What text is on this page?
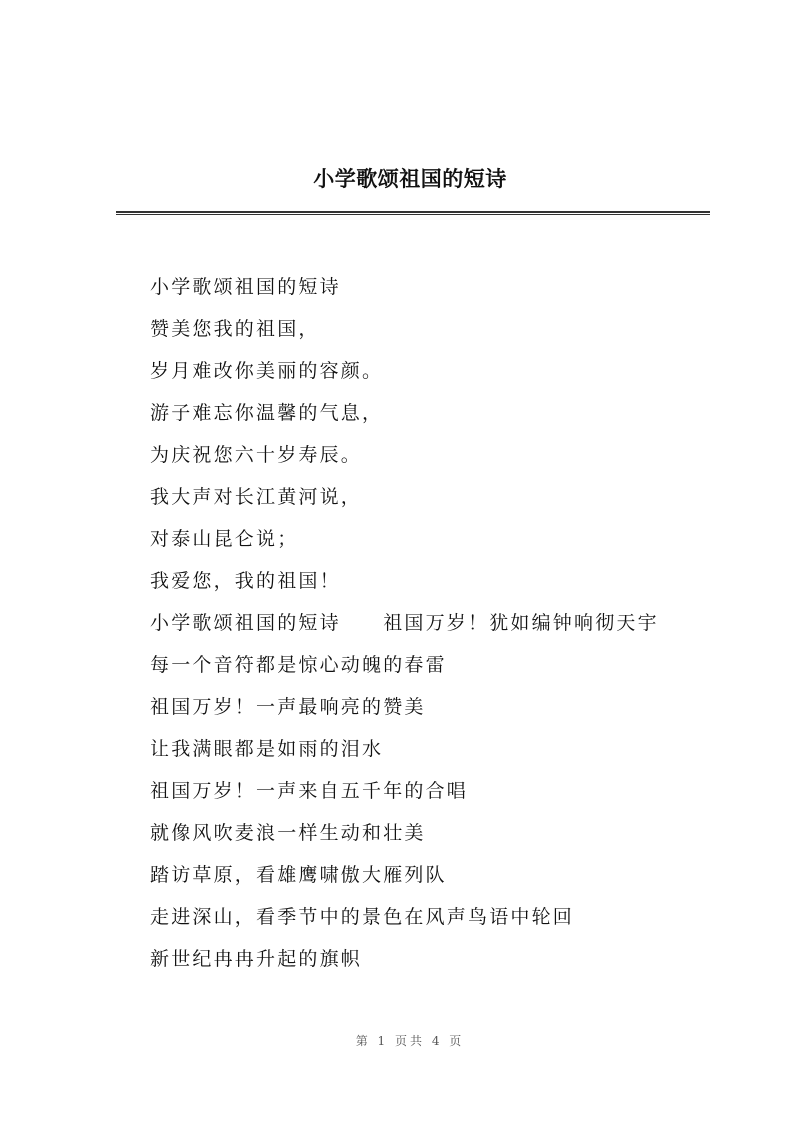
小学歌颂祖国的短诗
小学歌颂祖国的短诗
赞美您我的祖国，
岁月难改你美丽的容颜。
游子难忘你温馨的气息，
为庆祝您六十岁寿辰。
我大声对长江黄河说，
对泰山昆仑说；
我爱您，我的祖国！
小学歌颂祖国的短诗　　祖国万岁！犹如编钟响彻天宇
每一个音符都是惊心动魄的春雷
祖国万岁！一声最响亮的赞美
让我满眼都是如雨的泪水
祖国万岁！一声来自五千年的合唱
就像风吹麦浪一样生动和壮美
踏访草原，看雄鹰啸傲大雁列队
走进深山，看季节中的景色在风声鸟语中轮回
新世纪冉冉升起的旗帜
第 1 页共 4 页
